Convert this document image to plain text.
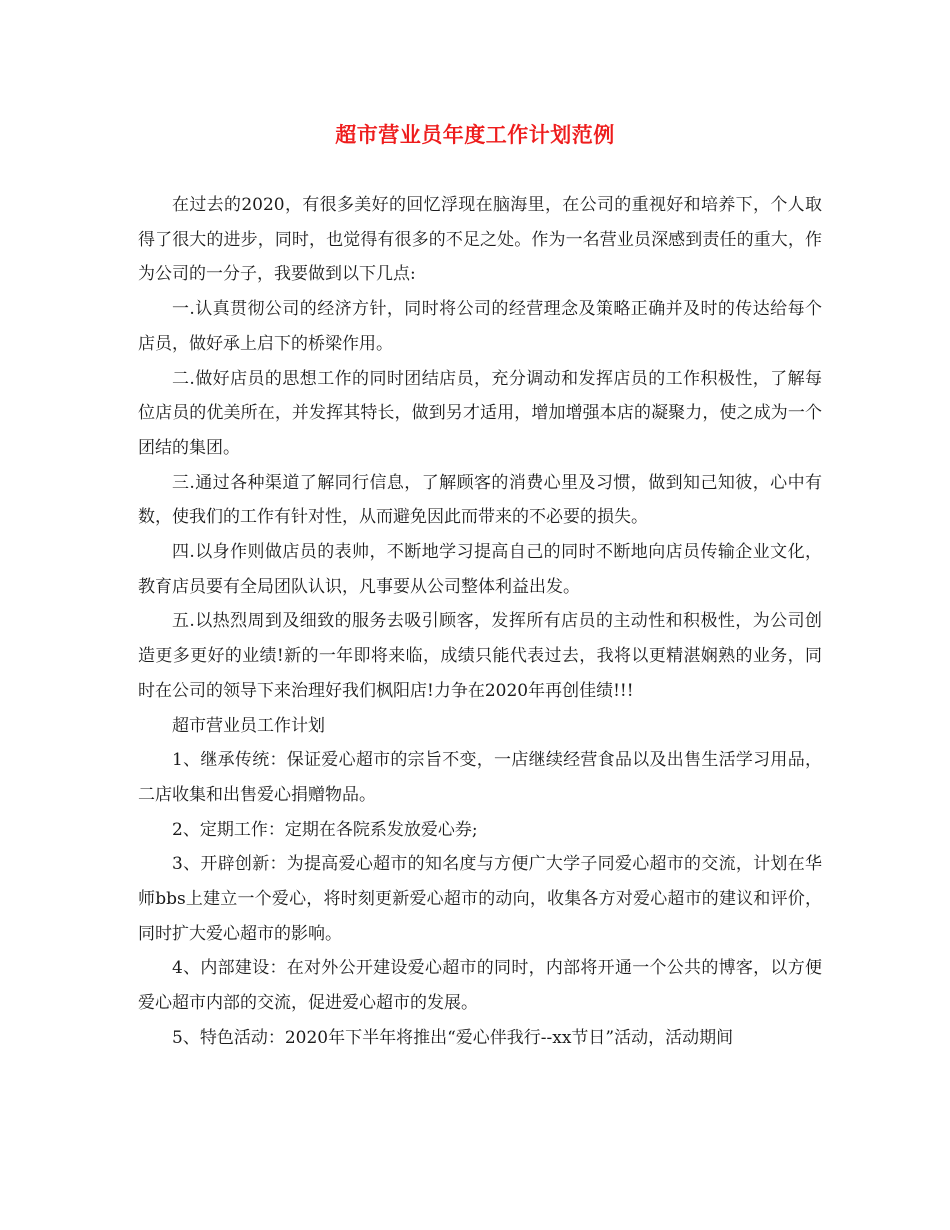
超市营业员年度工作计划范例

在过去的2020，有很多美好的回忆浮现在脑海里，在公司的重视好和培养下，个人取得了很大的进步，同时，也觉得有很多的不足之处。作为一名营业员深感到责任的重大，作为公司的一分子，我要做到以下几点:

一.认真贯彻公司的经济方针，同时将公司的经营理念及策略正确并及时的传达给每个店员，做好承上启下的桥梁作用。

二.做好店员的思想工作的同时团结店员，充分调动和发挥店员的工作积极性，了解每位店员的优美所在，并发挥其特长，做到另才适用，增加增强本店的凝聚力，使之成为一个团结的集团。

三.通过各种渠道了解同行信息，了解顾客的消费心里及习惯，做到知己知彼，心中有数，使我们的工作有针对性，从而避免因此而带来的不必要的损失。

四.以身作则做店员的表帅，不断地学习提高自己的同时不断地向店员传输企业文化，教育店员要有全局团队认识，凡事要从公司整体利益出发。

五.以热烈周到及细致的服务去吸引顾客，发挥所有店员的主动性和积极性，为公司创造更多更好的业绩!新的一年即将来临，成绩只能代表过去，我将以更精湛娴熟的业务，同时在公司的领导下来治理好我们枫阳店!力争在2020年再创佳绩!!!

超市营业员工作计划

1、继承传统：保证爱心超市的宗旨不变，一店继续经营食品以及出售生活学习用品，二店收集和出售爱心捐赠物品。

2、定期工作：定期在各院系发放爱心券;

3、开辟创新：为提高爱心超市的知名度与方便广大学子同爱心超市的交流，计划在华师bbs上建立一个爱心，将时刻更新爱心超市的动向，收集各方对爱心超市的建议和评价，同时扩大爱心超市的影响。

4、内部建设：在对外公开建设爱心超市的同时，内部将开通一个公共的博客，以方便爱心超市内部的交流，促进爱心超市的发展。

5、特色活动：2020年下半年将推出“爱心伴我行--xx节日”活动，活动期间
